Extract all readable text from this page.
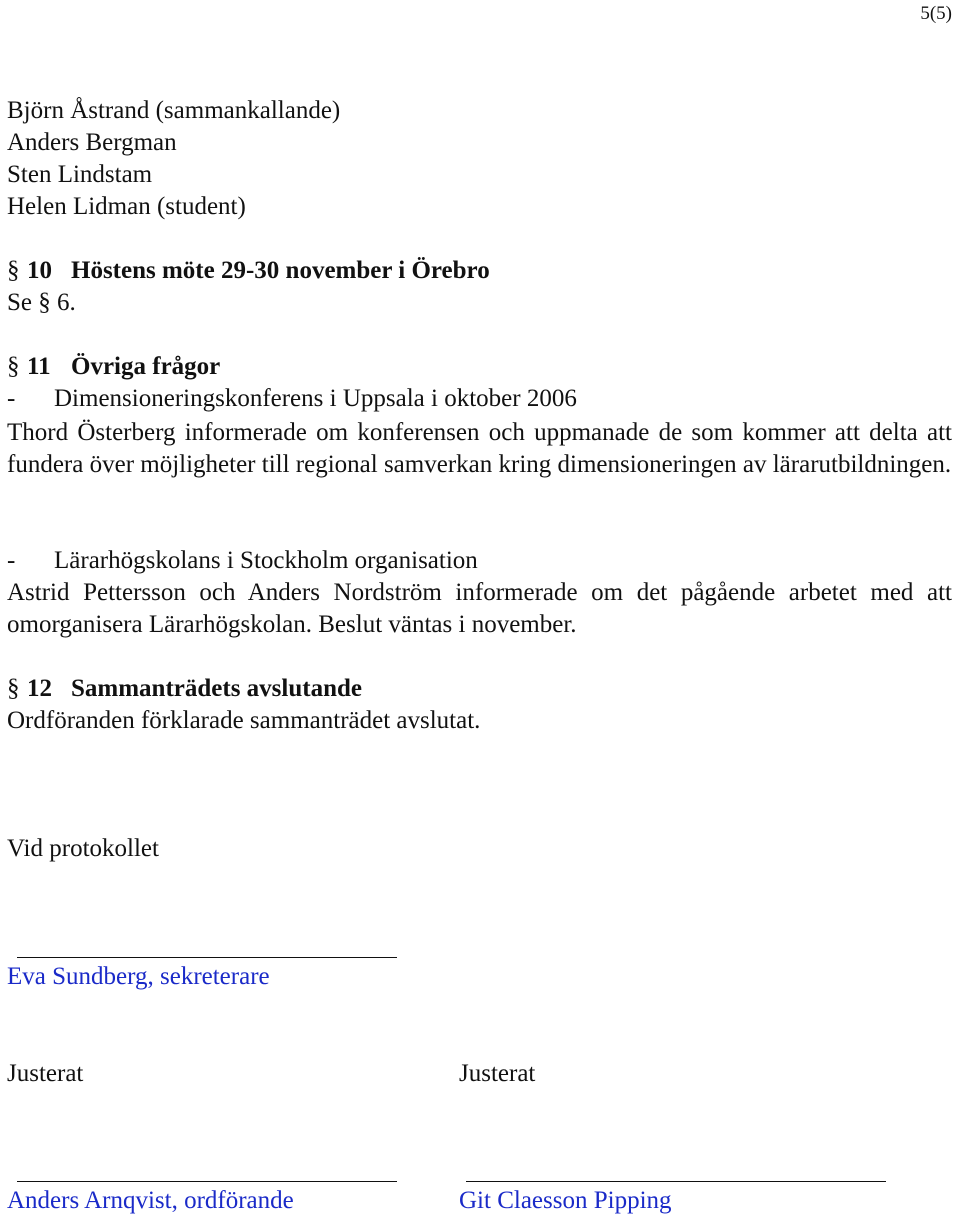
5(5)
Björn Åstrand (sammankallande)
Anders Bergman
Sten Lindstam
Helen Lidman (student)
§ 10 Höstens möte 29-30 november i Örebro
Se § 6.
§ 11 Övriga frågor
- Dimensioneringskonferens i Uppsala i oktober 2006

Thord Österberg informerade om konferensen och uppmanade de som kommer att delta att fundera över möjligheter till regional samverkan kring dimensioneringen av lärarutbildningen.

- Lärarhögskolans i Stockholm organisation

Astrid Pettersson och Anders Nordström informerade om det pågående arbetet med att omorganisera Lärarhögskolan. Beslut väntas i november.

§ 12 Sammanträdets avslutande
Ordföranden förklarade sammanträdet avslutat.
Vid protokollet
Eva Sundberg, sekreterare
Justerat	Justerat
Anders Arnqvist, ordförande	Git Claesson Pipping
